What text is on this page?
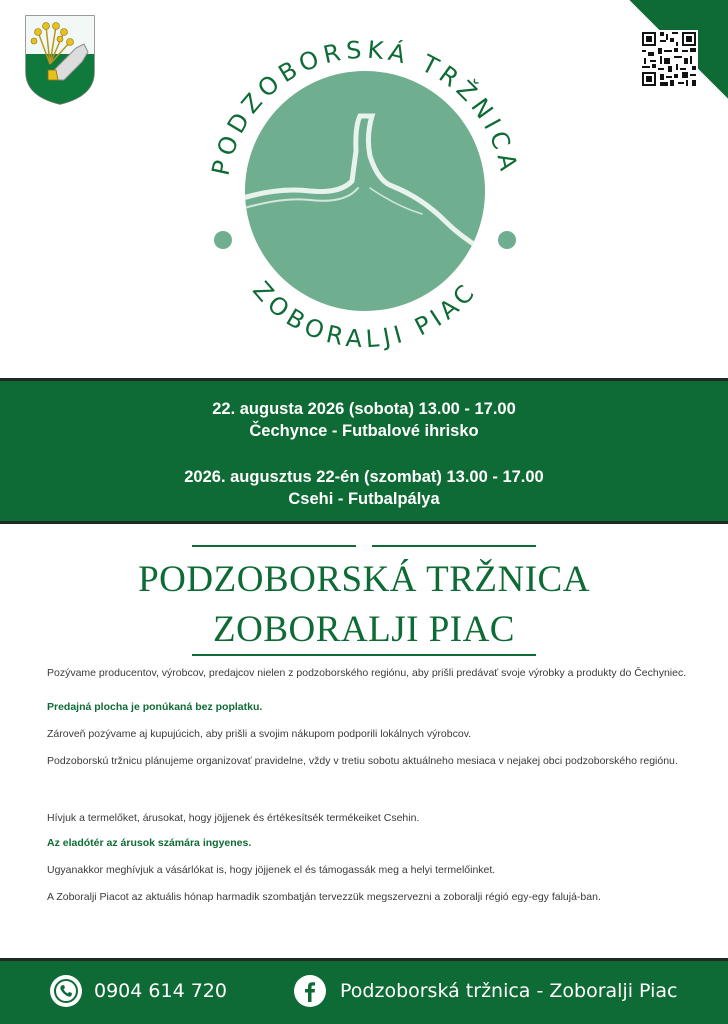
PODZOBORSKÁ TRŽNICA
ZOBORALJI PIAC
22. augusta 2026 (sobota) 13.00 - 17.00
Čechynce - Futbalové ihrisko
2026. augusztus 22-én (szombat) 13.00 - 17.00
Csehi - Futbalpálya
PODZOBORSKÁ TRŽNICA
ZOBORALJI PIAC
Pozývame producentov, výrobcov, predajcov nielen z podzoborského regiónu, aby prišli predávať svoje výrobky a produkty do Čechyniec.
Predajná plocha je ponúkaná bez poplatku.
Zároveň pozývame aj kupujúcich, aby prišli a svojim nákupom podporili lokálnych výrobcov.
Podzoborskú tržnicu plánujeme organizovať pravidelne, vždy v tretiu sobotu aktuálneho mesiaca v nejakej obci podzoborského regiónu.
Hívjuk a termelőket, árusokat, hogy jöjjenek és értékesítsék termékeiket Csehin.
Az eladótér az árusok számára ingyenes.
Ugyanakkor meghívjuk a vásárlókat is, hogy jöjjenek el és támogassák meg a helyi termelőinket.
A Zoboralji Piacot az aktuális hónap harmadik szombatján tervezzük megszervezni a zoboralji régió egy-egy falujá-ban.
0904 614 720	Podzoborská tržnica - Zoboralji Piac
